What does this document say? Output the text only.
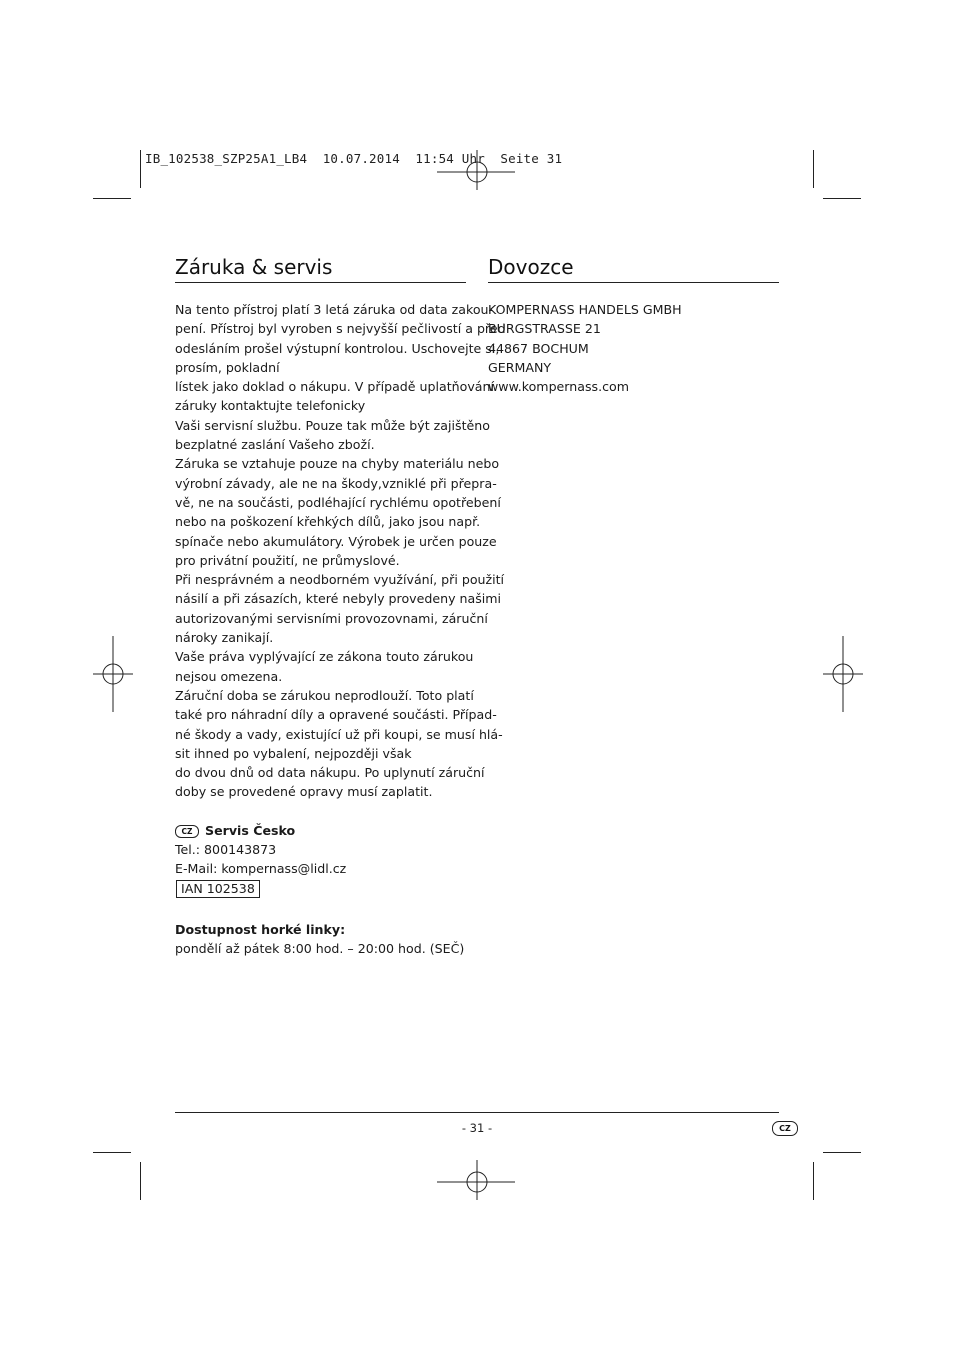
IB_102538_SZP25A1_LB4  10.07.2014  11:54 Uhr  Seite 31
Záruka & servis
Na tento přístroj platí 3 letá záruka od data zakou-
pení. Přístroj byl vyroben s nejvyšší pečlivostí a před
odesláním prošel výstupní kontrolou. Uschovejte si,
prosím, pokladní
lístek jako doklad o nákupu. V případě uplatňování
záruky kontaktujte telefonicky
Vaši servisní službu. Pouze tak může být zajištěno
bezplatné zaslání Vašeho zboží.
Záruka se vztahuje pouze na chyby materiálu nebo
výrobní závady, ale ne na škody,vzniklé při přepra-
vě, ne na součásti, podléhající rychlému opotřebení
nebo na poškození křehkých dílů, jako jsou např.
spínače nebo akumulátory. Výrobek je určen pouze
pro privátní použití, ne průmyslové.
Při nesprávném a neodborném využívání, při použití
násilí a při zásazích, které nebyly provedeny našimi
autorizovanými servisními provozovnami, záruční
nároky zanikají.
Vaše práva vyplývající ze zákona touto zárukou
nejsou omezena.
Záruční doba se zárukou neprodlouží. Toto platí
také pro náhradní díly a opravené součásti. Případ-
né škody a vady, existující už při koupi, se musí hlá-
sit ihned po vybalení, nejpozději však
do dvou dnů od data nákupu. Po uplynutí záruční
doby se provedené opravy musí zaplatit.
CZ Servis Česko
Tel.: 800143873
E-Mail: kompernass@lidl.cz
IAN 102538
Dostupnost horké linky:
pondělí až pátek 8:00 hod. – 20:00 hod. (SEČ)
Dovozce
KOMPERNASS HANDELS GMBH
BURGSTRASSE 21
44867 BOCHUM
GERMANY
www.kompernass.com
- 31 -	CZ
